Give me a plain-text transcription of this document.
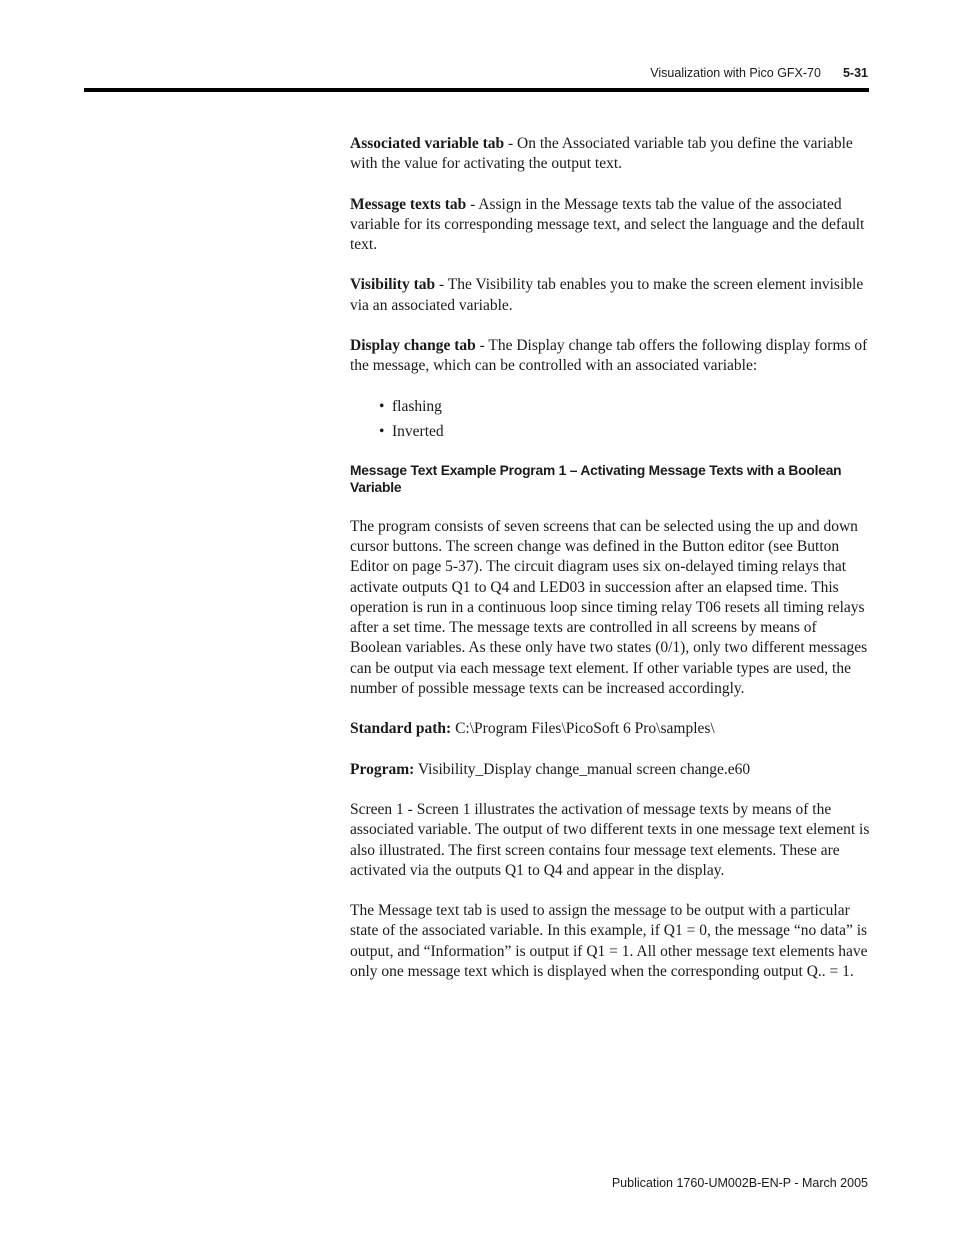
Visualization with Pico GFX-70 5-31

Associated variable tab - On the Associated variable tab you define the variable with the value for activating the output text.

Message texts tab - Assign in the Message texts tab the value of the associated variable for its corresponding message text, and select the language and the default text.

Visibility tab - The Visibility tab enables you to make the screen element invisible via an associated variable.

Display change tab - The Display change tab offers the following display forms of the message, which can be controlled with an associated variable:

• flashing
• Inverted
Message Text Example Program 1 – Activating Message Texts with a Boolean Variable

The program consists of seven screens that can be selected using the up and down cursor buttons. The screen change was defined in the Button editor (see Button Editor on page 5-37). The circuit diagram uses six on-delayed timing relays that activate outputs Q1 to Q4 and LED03 in succession after an elapsed time. This operation is run in a continuous loop since timing relay T06 resets all timing relays after a set time. The message texts are controlled in all screens by means of Boolean variables. As these only have two states (0/1), only two different messages can be output via each message text element. If other variable types are used, the number of possible message texts can be increased accordingly.

Standard path: C:\Program Files\PicoSoft 6 Pro\samples\

Program: Visibility_Display change_manual screen change.e60

Screen 1 - Screen 1 illustrates the activation of message texts by means of the associated variable. The output of two different texts in one message text element is also illustrated. The first screen contains four message text elements. These are activated via the outputs Q1 to Q4 and appear in the display.

The Message text tab is used to assign the message to be output with a particular state of the associated variable. In this example, if Q1 = 0, the message “no data” is output, and “Information” is output if Q1 = 1. All other message text elements have only one message text which is displayed when the corresponding output Q.. = 1.

Publication 1760-UM002B-EN-P - March 2005
